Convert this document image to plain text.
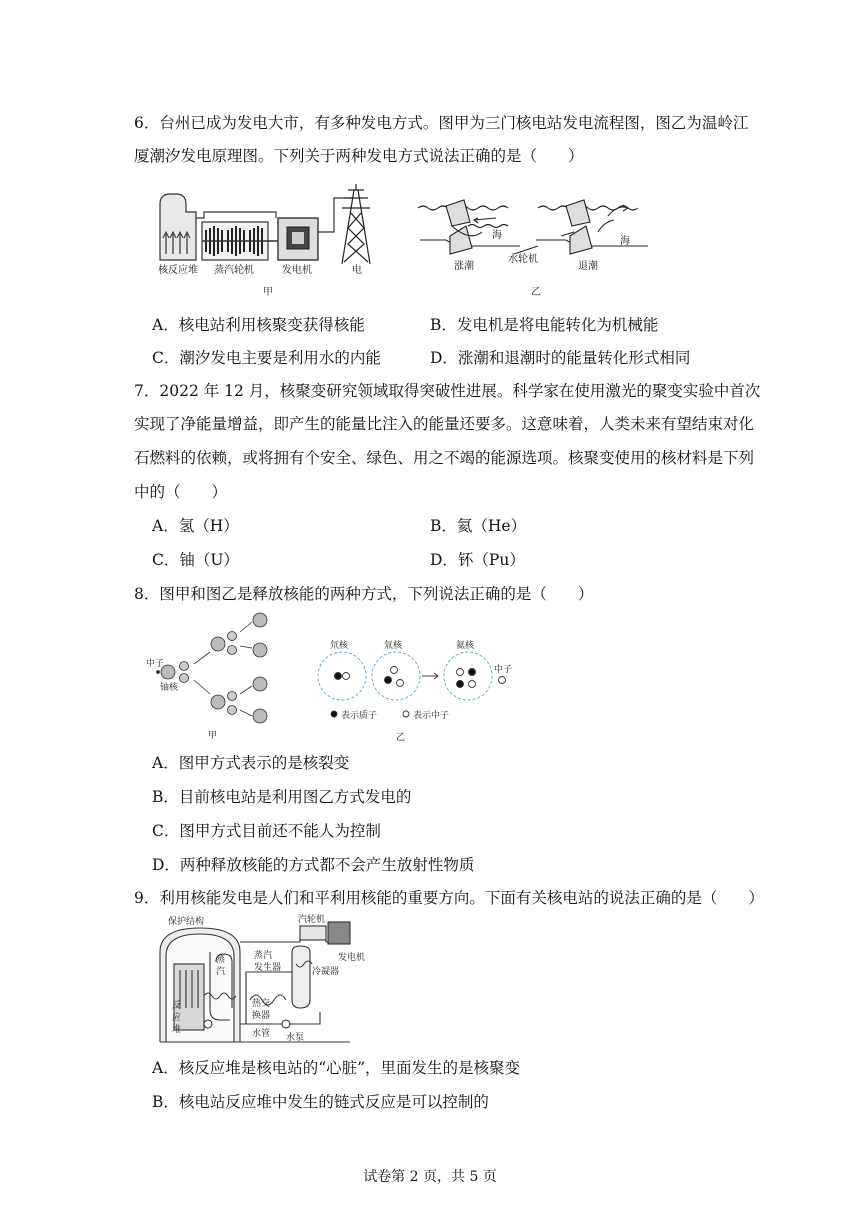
6．台州已成为发电大市，有多种发电方式。图甲为三门核电站发电流程图，图乙为温岭江
厦潮汐发电原理图。下列关于两种发电方式说法正确的是（　　）
核反应堆 蒸汽轮机	发电机	电
甲
海
海
涨潮
水轮机
退潮
乙
A．核电站利用核聚变获得核能	B．发电机是将电能转化为机械能
C．潮汐发电主要是利用水的内能	D．涨潮和退潮时的能量转化形式相同
7．2022 年 12 月，核聚变研究领域取得突破性进展。科学家在使用激光的聚变实验中首次
实现了净能量增益，即产生的能量比注入的能量还要多。这意味着，人类未来有望结束对化
石燃料的依赖，或将拥有个安全、绿色、用之不竭的能源选项。核聚变使用的核材料是下列
中的（　　）
A．氢（H）	B．氦（He）
C．铀（U）	D．钚（Pu）
8．图甲和图乙是释放核能的两种方式，下列说法正确的是（　　）
中子
铀核
甲
氘核	氚核	氦核
中子
表示质子	表示中子
乙
A．图甲方式表示的是核裂变
B．目前核电站是利用图乙方式发电的
C．图甲方式目前还不能人为控制
D．两种释放核能的方式都不会产生放射性物质
9．利用核能发电是人们和平利用核能的重要方向。下面有关核电站的说法正确的是（　　）
保护结构	汽轮机
蒸
汽
蒸汽
发生器
发电机
冷凝器
反
应
堆
热交
换器
水管 水泵
A．核反应堆是核电站的“心脏”，里面发生的是核聚变
B．核电站反应堆中发生的链式反应是可以控制的
试卷第 2 页，共 5 页
